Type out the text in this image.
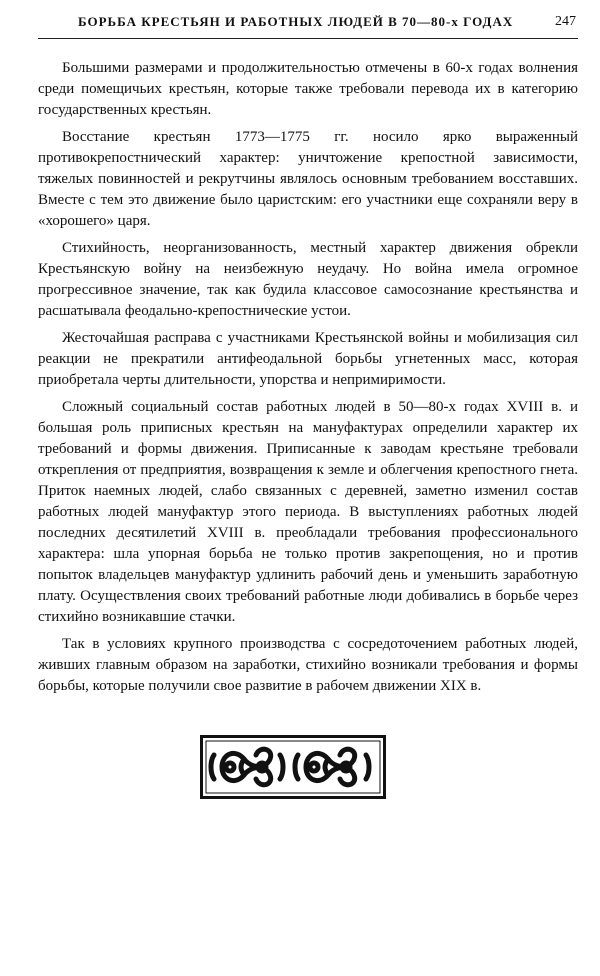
БОРЬБА КРЕСТЬЯН И РАБОТНЫХ ЛЮДЕЙ В 70—80-х ГОДАХ	247

Большими размерами и продолжительностью отмечены в 60-х годах волнения среди помещичьих крестьян, которые также требовали перевода их в категорию государственных крестьян.

Восстание крестьян 1773—1775 гг. носило ярко выраженный противокрепостнический характер: уничтожение крепостной зависимости, тяжелых повинностей и рекрутчины являлось основным требованием восставших. Вместе с тем это движение было царистским: его участники еще сохраняли веру в «хорошего» царя.

Стихийность, неорганизованность, местный характер движения обрекли Крестьянскую войну на неизбежную неудачу. Но война имела огромное прогрессивное значение, так как будила классовое самосознание крестьянства и расшатывала феодально-крепостнические устои.

Жесточайшая расправа с участниками Крестьянской войны и мобилизация сил реакции не прекратили антифеодальной борьбы угнетенных масс, которая приобретала черты длительности, упорства и непримиримости.

Сложный социальный состав работных людей в 50—80-х годах XVIII в. и большая роль приписных крестьян на мануфактурах определили характер их требований и формы движения. Приписанные к заводам крестьяне требовали открепления от предприятия, возвращения к земле и облегчения крепостного гнета. Приток наемных людей, слабо связанных с деревней, заметно изменил состав работных людей мануфактур этого периода. В выступлениях работных людей последних десятилетий XVIII в. преобладали требования профессионального характера: шла упорная борьба не только против закрепощения, но и против попыток владельцев мануфактур удлинить рабочий день и уменьшить заработную плату. Осуществления своих требований работные люди добивались в борьбе через стихийно возникавшие стачки.

Так в условиях крупного производства с сосредоточением работных людей, живших главным образом на заработки, стихийно возникали требования и формы борьбы, которые получили свое развитие в рабочем движении XIX в.
